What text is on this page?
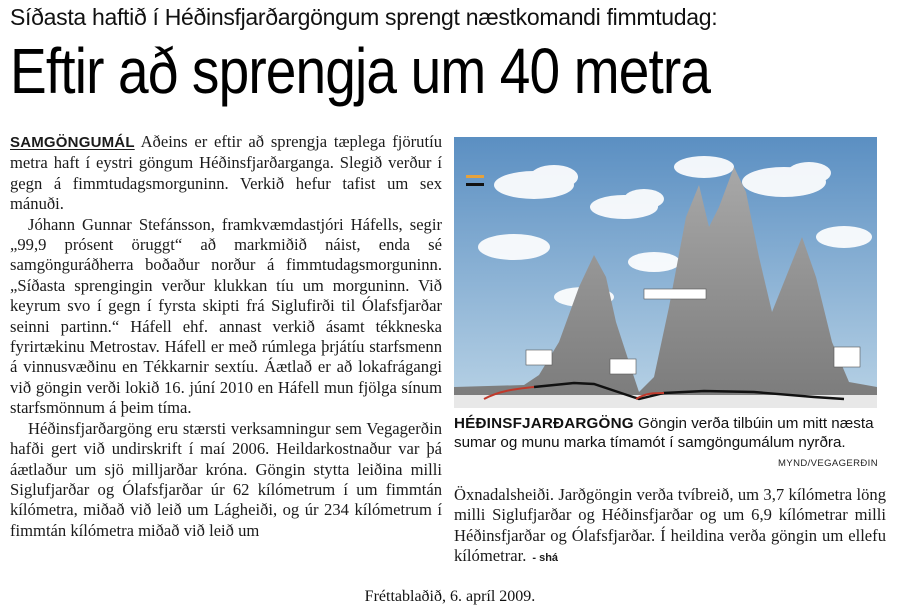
Síðasta haftið í Héðinsfjarðargöngum sprengt næstkomandi fimmtudag:
Eftir að sprengja um 40 metra

SAMGÖNGUMÁL Aðeins er eftir að sprengja tæplega fjörutíu metra haft í eystri göngum Héðinsfjarðarganga. Slegið verður í gegn á fimmtudagsmorguninn. Verkið hefur tafist um sex mánuði.

Jóhann Gunnar Stefánsson, framkvæmdastjóri Háfells, segir „99,9 prósent öruggt“ að markmiðið náist, enda sé samgönguráðherra boðaður norður á fimmtudagsmorguninn. „Síðasta sprengingin verður klukkan tíu um morguninn. Við keyrum svo í gegn í fyrsta skipti frá Siglufirði til Ólafsfjarðar seinni partinn.“ Háfell ehf. annast verkið ásamt tékkneska fyrirtækinu Metrostav. Háfell er með rúmlega þrjátíu starfsmenn á vinnusvæðinu en Tékkarnir sextíu. Áætlað er að lokafrágangi við göngin verði lokið 16. júní 2010 en Háfell mun fjölga sínum starfsmönnum á þeim tíma.

Héðinsfjarðargöng eru stærsti verksamningur sem Vegagerðin hafði gert við undirskrift í maí 2006. Heildarkostnaður var þá áætlaður um sjö milljarðar króna. Göngin stytta leiðina milli Siglufjarðar og Ólafsfjarðar úr 62 kílómetrum í um fimmtán kílómetra, miðað við leið um Lágheiði, og úr 234 kílómetrum í fimmtán kílómetra miðað við leið um

HÉÐINSFJARÐARGÖNG Göngin verða tilbúin um mitt næsta sumar og munu marka tímamót í samgöngumálum nyrðra.
MYND/VEGAGERÐIN
Öxnadalsheiði. Jarðgöngin verða tvíbreið, um 3,7 kílómetra löng milli Siglufjarðar og Héðinsfjarðar og um 6,9 kílómetrar milli Héðinsfjarðar og Ólafsfjarðar. Í heildina verða göngin um ellefu kílómetrar. - shá
Fréttablaðið, 6. apríl 2009.
